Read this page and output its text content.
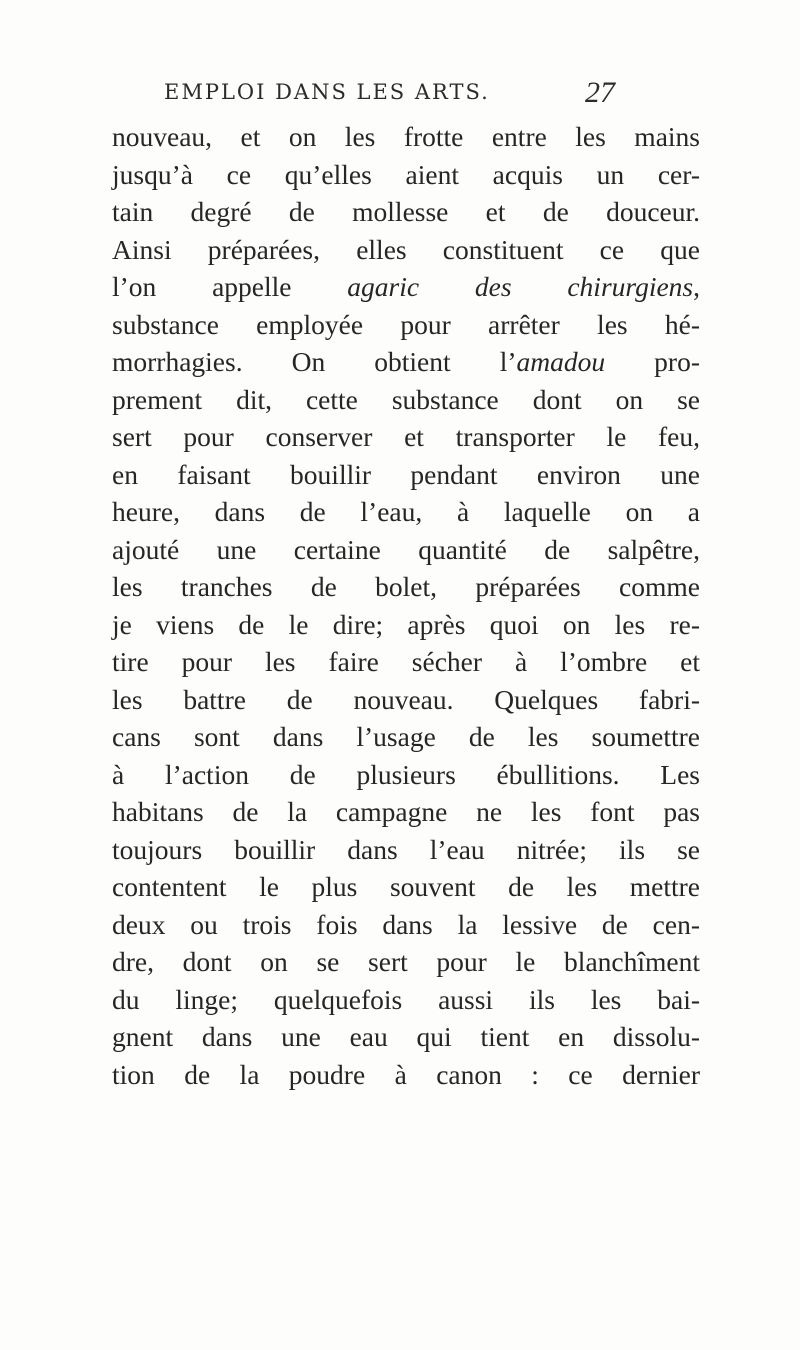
EMPLOI DANS LES ARTS.	27
nouveau, et on les frotte entre les mains
jusqu’à ce qu’elles aient acquis un cer-
tain degré de mollesse et de douceur.
Ainsi préparées, elles constituent ce que
l’on appelle agaric des chirurgiens,
substance employée pour arrêter les hé-
morrhagies. On obtient l’amadou pro-
prement dit, cette substance dont on se
sert pour conserver et transporter le feu,
en faisant bouillir pendant environ une
heure, dans de l’eau, à laquelle on a
ajouté une certaine quantité de salpêtre,
les tranches de bolet, préparées comme
je viens de le dire; après quoi on les re-
tire pour les faire sécher à l’ombre et
les battre de nouveau. Quelques fabri-
cans sont dans l’usage de les soumettre
à l’action de plusieurs ébullitions. Les
habitans de la campagne ne les font pas
toujours bouillir dans l’eau nitrée; ils se
contentent le plus souvent de les mettre
deux ou trois fois dans la lessive de cen-
dre, dont on se sert pour le blanchîment
du linge; quelquefois aussi ils les bai-
gnent dans une eau qui tient en dissolu-
tion de la poudre à canon : ce dernier
